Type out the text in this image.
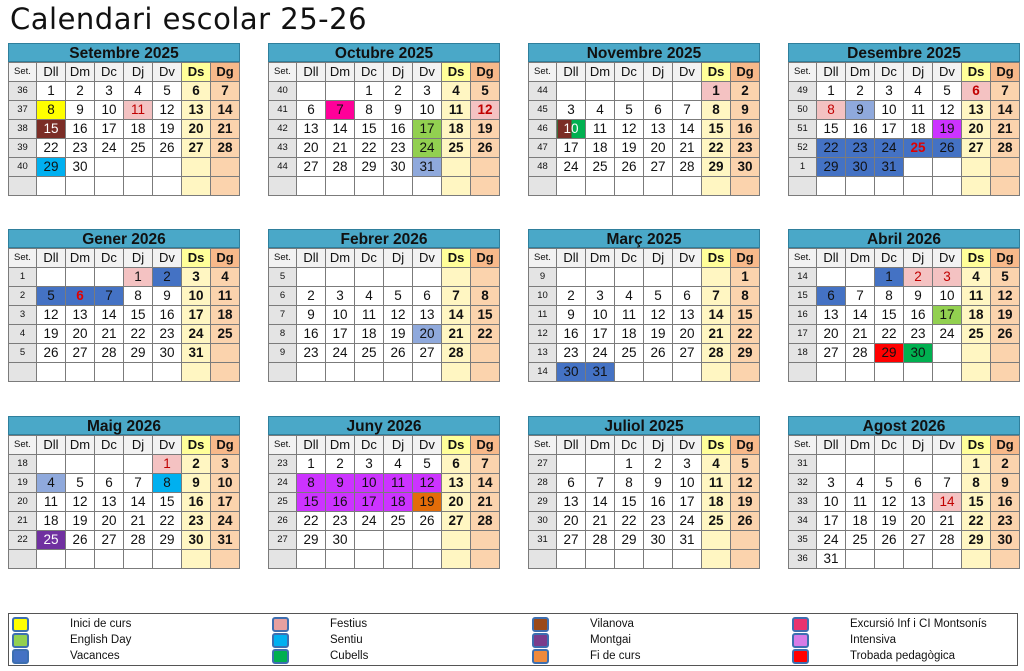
Calendari escolar 25-26
Setembre 2025
Set.	Dll	Dm	Dc	Dj	Dv	Ds	Dg
36	1	2	3	4	5	6	7
37	8	9	10	11	12	13	14
38	15	16	17	18	19	20	21
39	22	23	24	25	26	27	28
40	29	30					

Octubre 2025
Set.	Dll	Dm	Dc	Dj	Dv	Ds	Dg
40			1	2	3	4	5
41	6	7	8	9	10	11	12
42	13	14	15	16	17	18	19
43	20	21	22	23	24	25	26
44	27	28	29	30	31		

Novembre 2025
Set.	Dll	Dm	Dc	Dj	Dv	Ds	Dg
44						1	2
45	3	4	5	6	7	8	9
46	10	11	12	13	14	15	16
47	17	18	19	20	21	22	23
48	24	25	26	27	28	29	30

Desembre 2025
Set.	Dll	Dm	Dc	Dj	Dv	Ds	Dg
49	1	2	3	4	5	6	7
50	8	9	10	11	12	13	14
51	15	16	17	18	19	20	21
52	22	23	24	25	26	27	28
1	29	30	31				

Gener 2026
Set.	Dll	Dm	Dc	Dj	Dv	Ds	Dg
1				1	2	3	4
2	5	6	7	8	9	10	11
3	12	13	14	15	16	17	18
4	19	20	21	22	23	24	25
5	26	27	28	29	30	31	

Febrer 2026
Set.	Dll	Dm	Dc	Dj	Dv	Ds	Dg
5							
6	2	3	4	5	6	7	8
7	9	10	11	12	13	14	15
8	16	17	18	19	20	21	22
9	23	24	25	26	27	28	

Març 2025
Set.	Dll	Dm	Dc	Dj	Dv	Ds	Dg
9							1
10	2	3	4	5	6	7	8
11	9	10	11	12	13	14	15
12	16	17	18	19	20	21	22
13	23	24	25	26	27	28	29
14	30	31					
Abril 2026
Set.	Dll	Dm	Dc	Dj	Dv	Ds	Dg
14			1	2	3	4	5
15	6	7	8	9	10	11	12
16	13	14	15	16	17	18	19
17	20	21	22	23	24	25	26
18	27	28	29	30			

Maig 2026
Set.	Dll	Dm	Dc	Dj	Dv	Ds	Dg
18					1	2	3
19	4	5	6	7	8	9	10
20	11	12	13	14	15	16	17
21	18	19	20	21	22	23	24
22	25	26	27	28	29	30	31

Juny 2026
Set.	Dll	Dm	Dc	Dj	Dv	Ds	Dg
23	1	2	3	4	5	6	7
24	8	9	10	11	12	13	14
25	15	16	17	18	19	20	21
26	22	23	24	25	26	27	28
27	29	30					

Juliol 2025
Set.	Dll	Dm	Dc	Dj	Dv	Ds	Dg
27			1	2	3	4	5
28	6	7	8	9	10	11	12
29	13	14	15	16	17	18	19
30	20	21	22	23	24	25	26
31	27	28	29	30	31		

Agost 2026
Set.	Dll	Dm	Dc	Dj	Dv	Ds	Dg
31						1	2
32	3	4	5	6	7	8	9
33	10	11	12	13	14	15	16
34	17	18	19	20	21	22	23
35	24	25	26	27	28	29	30
36	31						
Inici de curs
English Day
Vacances
Festius
Sentiu
Cubells
Vilanova
Montgai
Fi de curs
Excursió Inf i CI Montsonís
Intensiva
Trobada pedagògica
